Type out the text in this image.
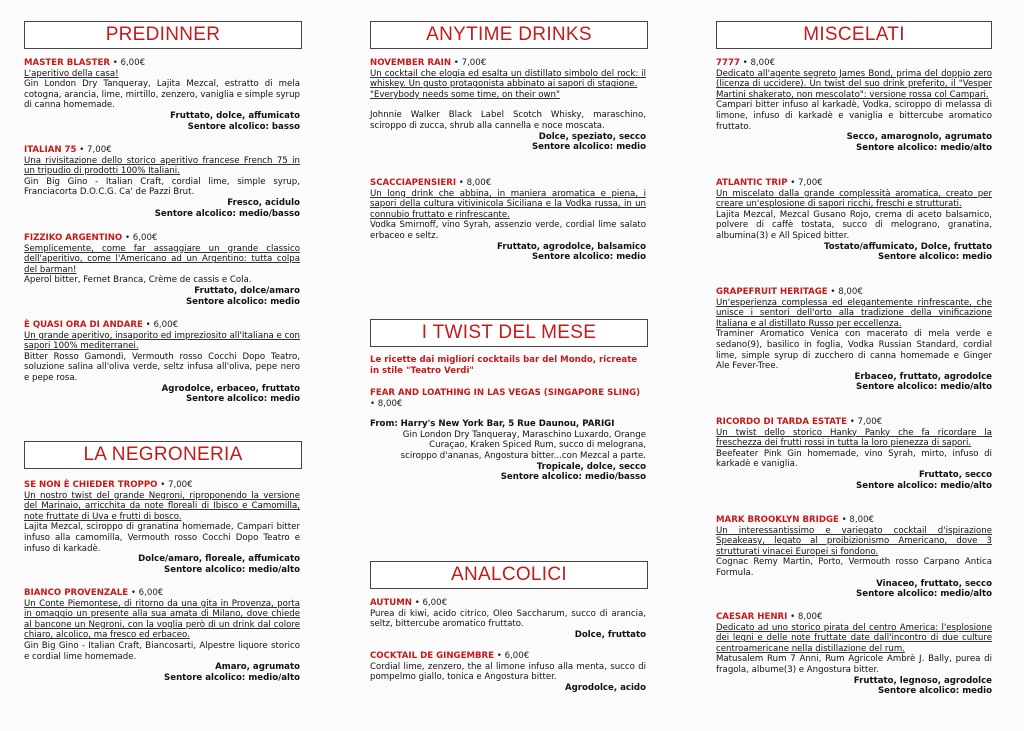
PREDINNER
MASTER BLASTER • 6,00€
L'aperitivo della casa!
Gin London Dry Tanqueray, Lajita Mezcal, estratto di mela cotogna, arancia, lime, mirtillo, zenzero, vaniglia e simple syrup di canna homemade.
Fruttato, dolce, affumicato
Sentore alcolico: basso
ITALIAN 75 • 7,00€
Una rivisitazione dello storico aperitivo francese French 75 in un tripudio di prodotti 100% Italiani.
Gin Big Gino - Italian Craft, cordial lime, simple syrup, Franciacorta D.O.C.G. Ca' de Pazzi Brut.
Fresco, acidulo
Sentore alcolico: medio/basso
FIZZIKO ARGENTINO • 6,00€
Semplicemente, come far assaggiare un grande classico dell'aperitivo, come l'Americano ad un Argentino: tutta colpa del barman!
Aperol bitter, Fernet Branca, Crème de cassis e Cola.
Fruttato, dolce/amaro
Sentore alcolico: medio
È QUASI ORA DI ANDARE • 6,00€
Un grande aperitivo, insaporito ed impreziosito all'Italiana e con sapori 100% mediterranei.
Bitter Rosso Gamondi, Vermouth rosso Cocchi Dopo Teatro, soluzione salina all'oliva verde, seltz infusa all'oliva, pepe nero e pepe rosa.
Agrodolce, erbaceo, fruttato
Sentore alcolico: medio
LA NEGRONERIA
SE NON È CHIEDER TROPPO • 7,00€
Un nostro twist del grande Negroni, riproponendo la versione del Marinaio, arricchita da note floreali di Ibisco e Camomilla, note fruttate di Uva e frutti di bosco.
Lajita Mezcal, sciroppo di granatina homemade, Campari bitter infuso alla camomilla, Vermouth rosso Cocchi Dopo Teatro e infuso di karkadè.
Dolce/amaro, floreale, affumicato
Sentore alcolico: medio/alto
BIANCO PROVENZALE • 6,00€
Un Conte Piemontese, di ritorno da una gita in Provenza, porta in omaggio un presente alla sua amata di Milano, dove chiede al bancone un Negroni, con la voglia però di un drink dal colore chiaro, alcolico, ma fresco ed erbaceo.
Gin Big Gino - Italian Craft, Biancosarti, Alpestre liquore storico e cordial lime homemade.
Amaro, agrumato
Sentore alcolico: medio/alto
ANYTIME DRINKS
NOVEMBER RAIN • 7,00€
Un cocktail che elogia ed esalta un distillato simbolo del rock: il whiskey. Un gusto protagonista abbinato ai sapori di stagione.
"Everybody needs some time, on their own"
Johnnie Walker Black Label Scotch Whisky, maraschino, sciroppo di zucca, shrub alla cannella e noce moscata.
Dolce, speziato, secco
Sentore alcolico: medio
SCACCIAPENSIERI • 8,00€
Un long drink che abbina, in maniera aromatica e piena, i sapori della cultura vitivinicola Siciliana e la Vodka russa, in un connubio fruttato e rinfrescante.
Vodka Smirnoff, vino Syrah, assenzio verde, cordial lime salato erbaceo e seltz.
Fruttato, agrodolce, balsamico
Sentore alcolico: medio
I TWIST DEL MESE
Le ricette dai migliori cocktails bar del Mondo, ricreate in stile "Teatro Verdi"
FEAR AND LOATHING IN LAS VEGAS (SINGAPORE SLING) • 8,00€
From: Harry's New York Bar, 5 Rue Daunou, PARIGI
Gin London Dry Tanqueray, Maraschino Luxardo, Orange Curaçao, Kraken Spiced Rum, succo di melograna, sciroppo d'ananas, Angostura bitter...con Mezcal a parte.
Tropicale, dolce, secco
Sentore alcolico: medio/basso
ANALCOLICI
AUTUMN • 6,00€
Purea di kiwi, acido citrico, Oleo Saccharum, succo di arancia, seltz, bittercube aromatico fruttato.
Dolce, fruttato
COCKTAIL DE GINGEMBRE • 6,00€
Cordial lime, zenzero, the al limone infuso alla menta, succo di pompelmo giallo, tonica e Angostura bitter.
Agrodolce, acido
MISCELATI
7777 • 8,00€
Dedicato all'agente segreto James Bond, prima del doppio zero (licenza di uccidere). Un twist del suo drink preferito, il "Vesper Martini shakerato, non mescolato": versione rossa col Campari.
Campari bitter infuso al karkadè, Vodka, sciroppo di melassa di limone, infuso di karkadè e vaniglia e bittercube aromatico fruttato.
Secco, amarognolo, agrumato
Sentore alcolico: medio/alto
ATLANTIC TRIP • 7,00€
Un miscelato dalla grande complessità aromatica, creato per creare un'esplosione di sapori ricchi, freschi e strutturati.
Lajita Mezcal, Mezcal Gusano Rojo, crema di aceto balsamico, polvere di caffè tostata, succo di melograno, granatina, albumina(3) e All Spiced bitter.
Tostato/affumicato, Dolce, fruttato
Sentore alcolico: medio
GRAPEFRUIT HERITAGE • 8,00€
Un'esperienza complessa ed elegantemente rinfrescante, che unisce i sentori dell'orto alla tradizione della vinificazione Italiana e al distillato Russo per eccellenza.
Traminer Aromatico Venica con macerato di mela verde e sedano(9), basilico in foglia, Vodka Russian Standard, cordial lime, simple syrup di zucchero di canna homemade e Ginger Ale Fever-Tree.
Erbaceo, fruttato, agrodolce
Sentore alcolico: medio/alto
RICORDO DI TARDA ESTATE • 7,00€
Un twist dello storico Hanky Panky che fa ricordare la freschezza dei frutti rossi in tutta la loro pienezza di sapori.
Beefeater Pink Gin homemade, vino Syrah, mirto, infuso di karkadè e vaniglia.
Fruttato, secco
Sentore alcolico: medio/alto
MARK BROOKLYN BRIDGE • 8,00€
Un interessantissimo e variegato cocktail d'ispirazione Speakeasy, legato al proibizionismo Americano, dove 3 strutturati vinacei Europei si fondono.
Cognac Remy Martin, Porto, Vermouth rosso Carpano Antica Formula.
Vinaceo, fruttato, secco
Sentore alcolico: medio/alto
CAESAR HENRI • 8,00€
Dedicato ad uno storico pirata del centro America: l'esplosione dei legni e delle note fruttate date dall'incontro di due culture centroamericane nella distillazione del rum.
Matusalem Rum 7 Anni, Rum Agricole Ambrè J. Bally, purea di fragola, albume(3) e Angostura bitter.
Fruttato, legnoso, agrodolce
Sentore alcolico: medio
